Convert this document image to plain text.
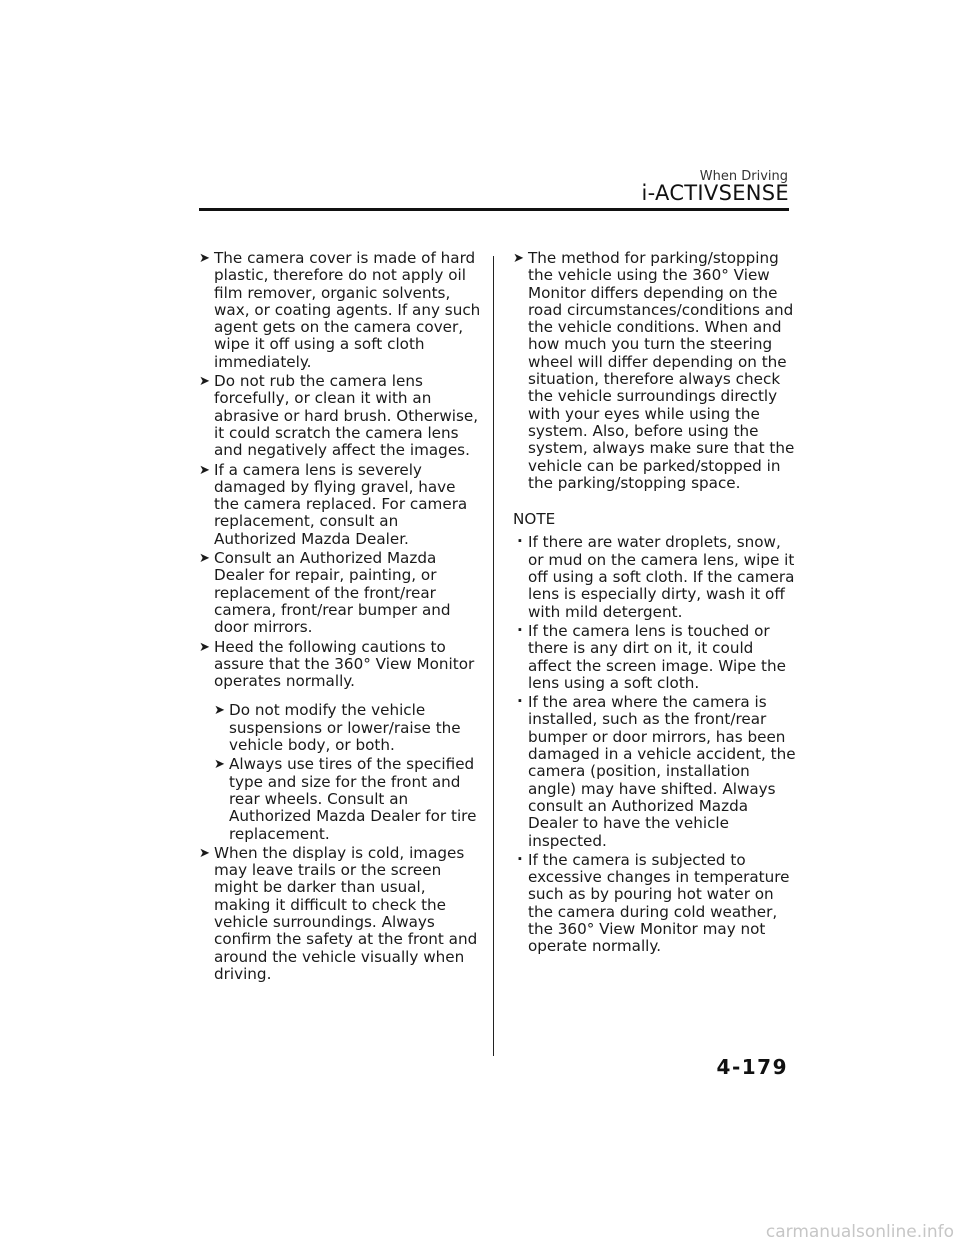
When Driving
i-ACTIVSENSE
➤ The camera cover is made of hard plastic, therefore do not apply oil film remover, organic solvents, wax, or coating agents. If any such agent gets on the camera cover, wipe it off using a soft cloth immediately.
➤ Do not rub the camera lens forcefully, or clean it with an abrasive or hard brush. Otherwise, it could scratch the camera lens and negatively affect the images.
➤ If a camera lens is severely damaged by flying gravel, have the camera replaced. For camera replacement, consult an Authorized Mazda Dealer.
➤ Consult an Authorized Mazda Dealer for repair, painting, or replacement of the front/rear camera, front/rear bumper and door mirrors.
➤ Heed the following cautions to assure that the 360° View Monitor operates normally.
➤ Do not modify the vehicle suspensions or lower/raise the vehicle body, or both.
➤ Always use tires of the specified type and size for the front and rear wheels. Consult an Authorized Mazda Dealer for tire replacement.
➤ When the display is cold, images may leave trails or the screen might be darker than usual, making it difficult to check the vehicle surroundings. Always confirm the safety at the front and around the vehicle visually when driving.
➤ The method for parking/stopping the vehicle using the 360° View Monitor differs depending on the road circumstances/conditions and the vehicle conditions. When and how much you turn the steering wheel will differ depending on the situation, therefore always check the vehicle surroundings directly with your eyes while using the system. Also, before using the system, always make sure that the vehicle can be parked/stopped in the parking/stopping space.
NOTE
· If there are water droplets, snow, or mud on the camera lens, wipe it off using a soft cloth. If the camera lens is especially dirty, wash it off with mild detergent.
· If the camera lens is touched or there is any dirt on it, it could affect the screen image. Wipe the lens using a soft cloth.
· If the area where the camera is installed, such as the front/rear bumper or door mirrors, has been damaged in a vehicle accident, the camera (position, installation angle) may have shifted. Always consult an Authorized Mazda Dealer to have the vehicle inspected.
· If the camera is subjected to excessive changes in temperature such as by pouring hot water on the camera during cold weather, the 360° View Monitor may not operate normally.
4-179
carmanualsonline.info
